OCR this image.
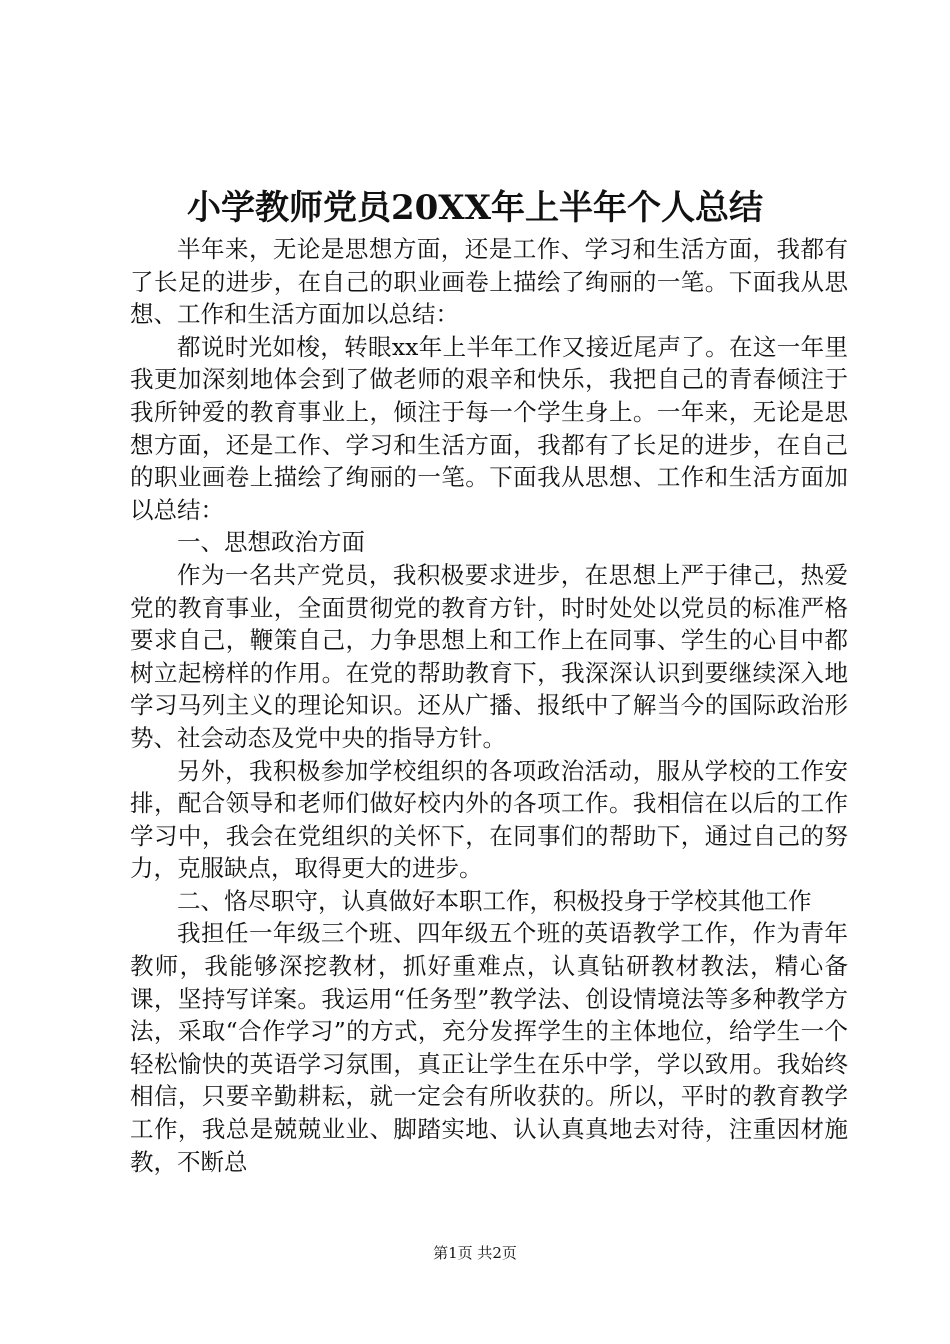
小学教师党员20XX年上半年个人总结

半年来，无论是思想方面，还是工作、学习和生活方面，我都有了长足的进步，在自己的职业画卷上描绘了绚丽的一笔。下面我从思想、工作和生活方面加以总结：

都说时光如梭，转眼xx年上半年工作又接近尾声了。在这一年里我更加深刻地体会到了做老师的艰辛和快乐，我把自己的青春倾注于我所钟爱的教育事业上，倾注于每一个学生身上。一年来，无论是思想方面，还是工作、学习和生活方面，我都有了长足的进步，在自己的职业画卷上描绘了绚丽的一笔。下面我从思想、工作和生活方面加以总结：

一、思想政治方面

作为一名共产党员，我积极要求进步，在思想上严于律己，热爱党的教育事业，全面贯彻党的教育方针，时时处处以党员的标准严格要求自己，鞭策自己，力争思想上和工作上在同事、学生的心目中都树立起榜样的作用。在党的帮助教育下，我深深认识到要继续深入地学习马列主义的理论知识。还从广播、报纸中了解当今的国际政治形势、社会动态及党中央的指导方针。

另外，我积极参加学校组织的各项政治活动，服从学校的工作安排，配合领导和老师们做好校内外的各项工作。我相信在以后的工作学习中，我会在党组织的关怀下，在同事们的帮助下，通过自己的努力，克服缺点，取得更大的进步。

二、恪尽职守，认真做好本职工作，积极投身于学校其他工作

我担任一年级三个班、四年级五个班的英语教学工作，作为青年教师，我能够深挖教材，抓好重难点，认真钻研教材教法，精心备课，坚持写详案。我运用“任务型”教学法、创设情境法等多种教学方法，采取“合作学习”的方式，充分发挥学生的主体地位，给学生一个轻松愉快的英语学习氛围，真正让学生在乐中学，学以致用。我始终相信，只要辛勤耕耘，就一定会有所收获的。所以，平时的教育教学工作，我总是兢兢业业、脚踏实地、认认真真地去对待，注重因材施教，不断总

第1页 共2页
